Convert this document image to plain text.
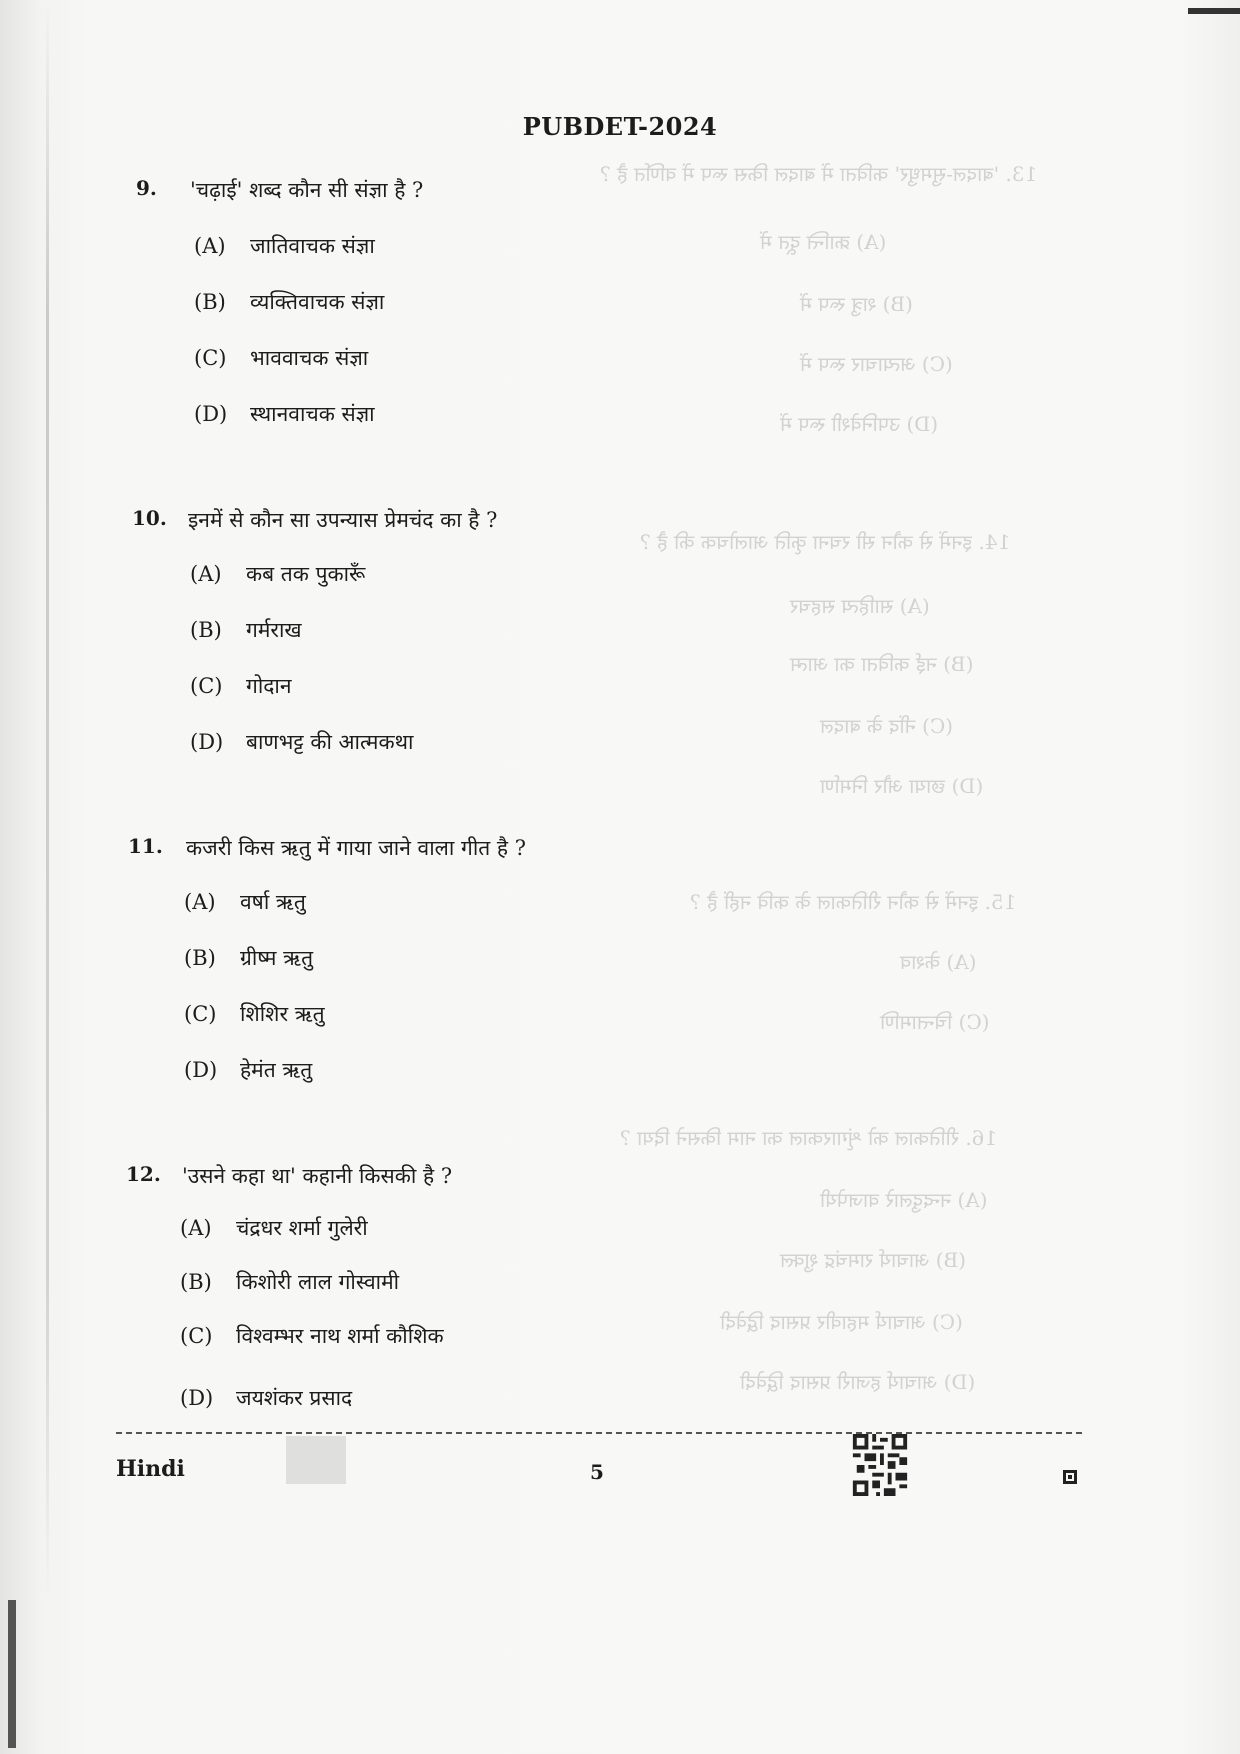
13. 'बादल-सुमधुर' कविता में बादल किस रूप में वर्णित है ?
(A) क्रान्ति दूत में
(B) शत्रु रूप में
(C) अत्याचार रूप में
(D) उपनिवेशी रूप में
14. इनमें से कौन सी रचना कृति आलोचक की है ?
(A) साहित्य सहचर
(B) नई कविता का आत्म
(C) नींद के बादल
(D) छाया और निर्माण
15. इनमें से कौन रीतिकाल के कवि नहीं है ?
(A) केशव
(C) चिन्तामणि
16. रीतिकाल को शृंगारकाल का नाम किसने दिया ?
(A) नन्ददुलारे वाजपेयी
(B) आचार्य रामचंद्र शुक्ल
(C) आचार्य महावीर प्रसाद द्विवेदी
(D) आचार्य हजारी प्रसाद द्विवेदी
PUBDET-2024
9. 'चढ़ाई' शब्द कौन सी संज्ञा है ?
(A) जातिवाचक संज्ञा
(B) व्यक्तिवाचक संज्ञा
(C) भाववाचक संज्ञा
(D) स्थानवाचक संज्ञा
10. इनमें से कौन सा उपन्यास प्रेमचंद का है ?
(A) कब तक पुकारूँ
(B) गर्मराख
(C) गोदान
(D) बाणभट्ट की आत्मकथा
11. कजरी किस ऋतु में गाया जाने वाला गीत है ?
(A) वर्षा ऋतु
(B) ग्रीष्म ऋतु
(C) शिशिर ऋतु
(D) हेमंत ऋतु
12. 'उसने कहा था' कहानी किसकी है ?
(A) चंद्रधर शर्मा गुलेरी
(B) किशोरी लाल गोस्वामी
(C) विश्वम्भर नाथ शर्मा कौशिक
(D) जयशंकर प्रसाद
Hindi	5
